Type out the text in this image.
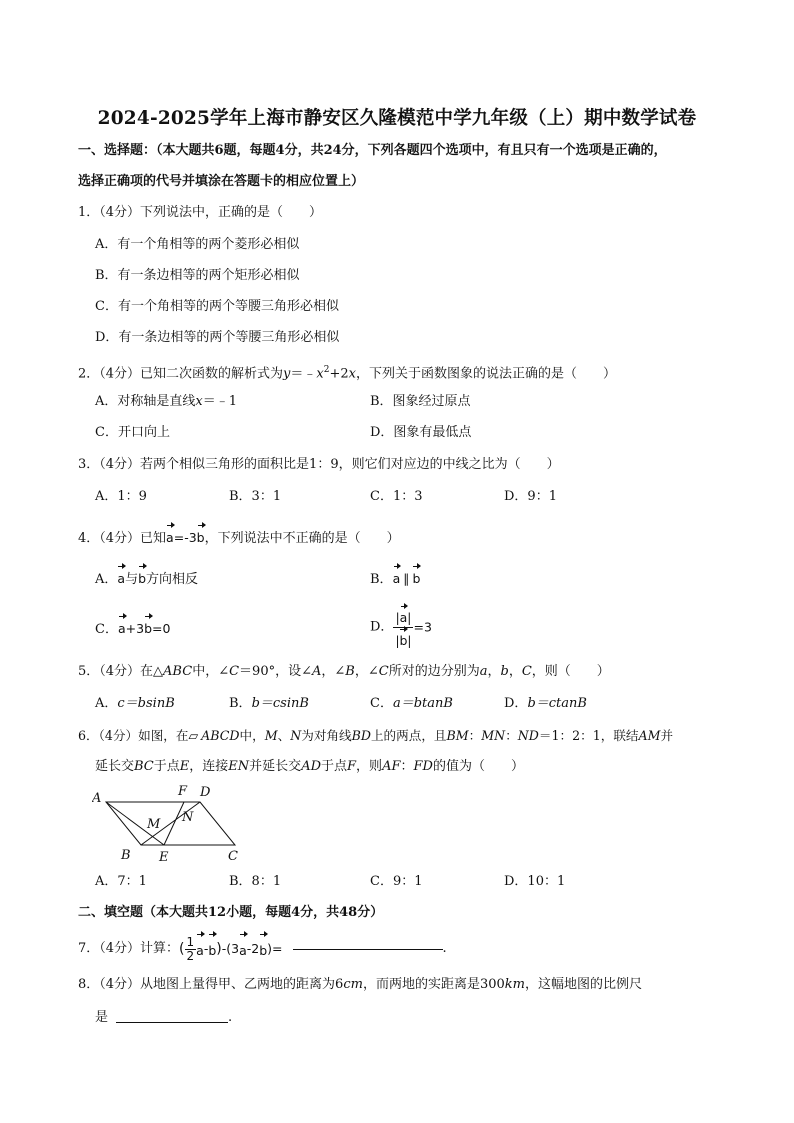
2024-2025学年上海市静安区久隆模范中学九年级（上）期中数学试卷
一、选择题：（本大题共6题，每题4分，共24分，下列各题四个选项中，有且只有一个选项是正确的，
选择正确项的代号并填涂在答题卡的相应位置上）
1．（4分）下列说法中，正确的是（　　）
A．有一个角相等的两个菱形必相似
B．有一条边相等的两个矩形必相似
C．有一个角相等的两个等腰三角形必相似
D．有一条边相等的两个等腰三角形必相似
2．（4分）已知二次函数的解析式为$y=﹣x^2+2x$，下列关于函数图象的说法正确的是（　　）
A．对称轴是直线x＝﹣1	B．图象经过原点
C．开口向上	D．图象有最低点
3．（4分）若两个相似三角形的面积比是1：9，则它们对应边的中线之比为（　　）
A．1：9	B．3：1	C．1：3	D．9：1
4．（4分）已知a=-3b，下列说法中不正确的是（　　）
A．a与b方向相反	B．a ∥ b
C．a+3b=0	D． $\frac{|a|}{|b|} =3$
5．（4分）在△ABC中，∠C＝90°，设∠A，∠B，∠C所对的边分别为a，b，C，则（　　）
A．c＝bsinB	B．b＝csinB	C．a＝btanB	D．b＝ctanB
6．（4分）如图，在▱ ABCD中，M、N为对角线BD上的两点，且BM：MN：ND＝1：2：1，联结AM并
延长交BC于点E，连接EN并延长交AD于点F，则AF：FD的值为（　　）
A
B	C
D
E
F
M N
A．7：1	B．8：1	C．9：1	D．10：1
二、填空题（本大题共12小题，每题4分，共48分）
7．（4分）计算：( $\frac{1}{2} a-b)-(3a-2b)=$	.
8．（4分）从地图上量得甲、乙两地的距离为6cm，而两地的实距离是300km，这幅地图的比例尺
是	.
